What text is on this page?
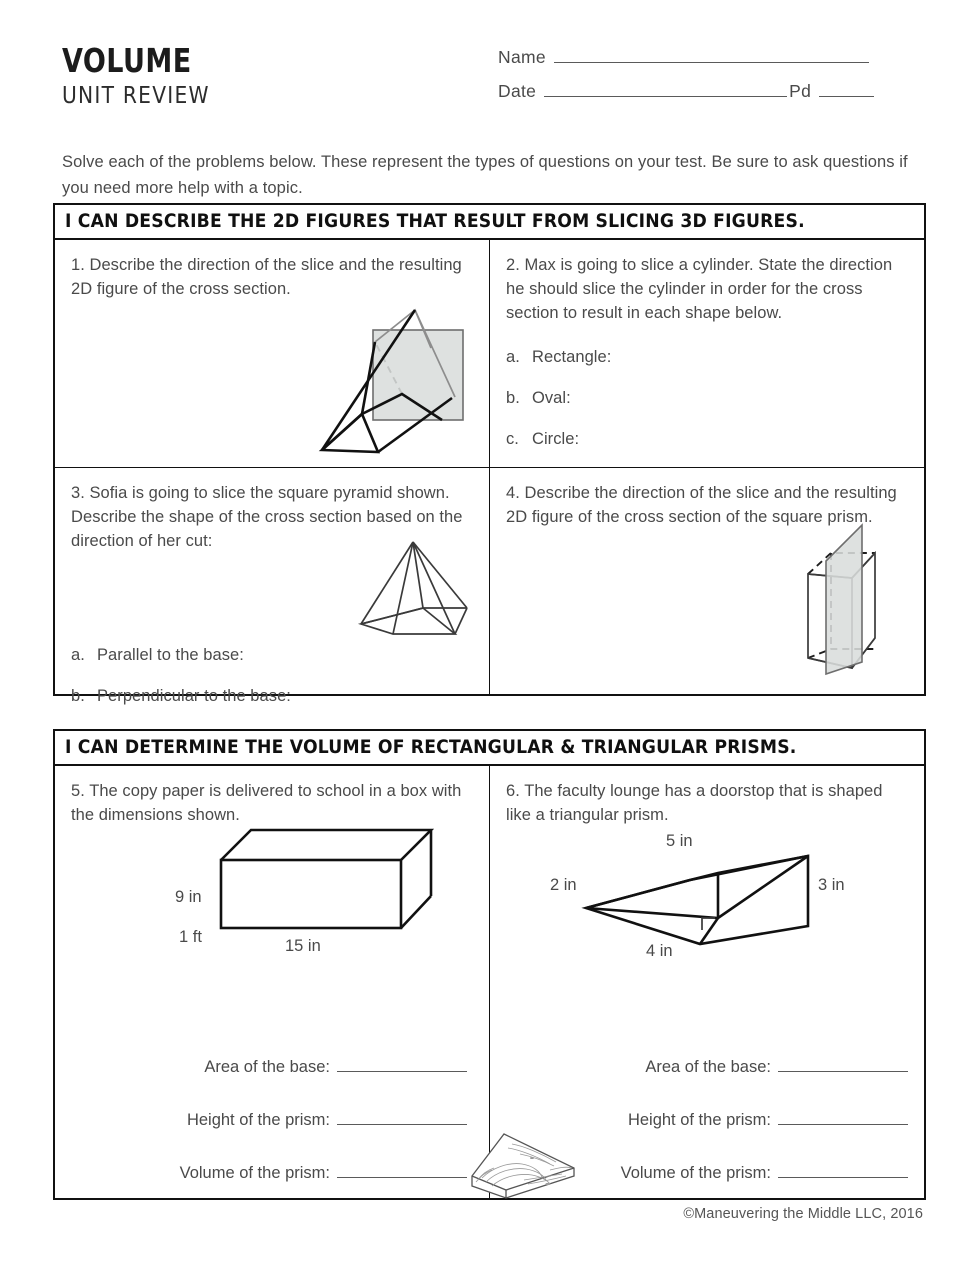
VOLUME
UNIT REVIEW
Name
Date	Pd
Solve each of the problems below. These represent the types of questions on your test. Be sure to ask questions if you need more help with a topic.
I CAN DESCRIBE THE 2D FIGURES THAT RESULT FROM SLICING 3D FIGURES.

1. Describe the direction of the slice and the resulting 2D figure of the cross section.

2. Max is going to slice a cylinder. State the direction he should slice the cylinder in order for the cross section to result in each shape below.

a. Rectangle:
b. Oval:
c. Circle:

3. Sofia is going to slice the square pyramid shown. Describe the shape of the cross section based on the direction of her cut:

a. Parallel to the base:
b. Perpendicular to the base:

4. Describe the direction of the slice and the resulting 2D figure of the cross section of the square prism.

I CAN DETERMINE THE VOLUME OF RECTANGULAR & TRIANGULAR PRISMS.

5. The copy paper is delivered to school in a box with the dimensions shown.

9 in
1 ft	15 in
Area of the base:
Height of the prism:
Volume of the prism:

6. The faculty lounge has a doorstop that is shaped like a triangular prism.

5 in
2 in	3 in
4 in
Area of the base:
Height of the prism:
Volume of the prism:
©Maneuvering the Middle LLC, 2016
